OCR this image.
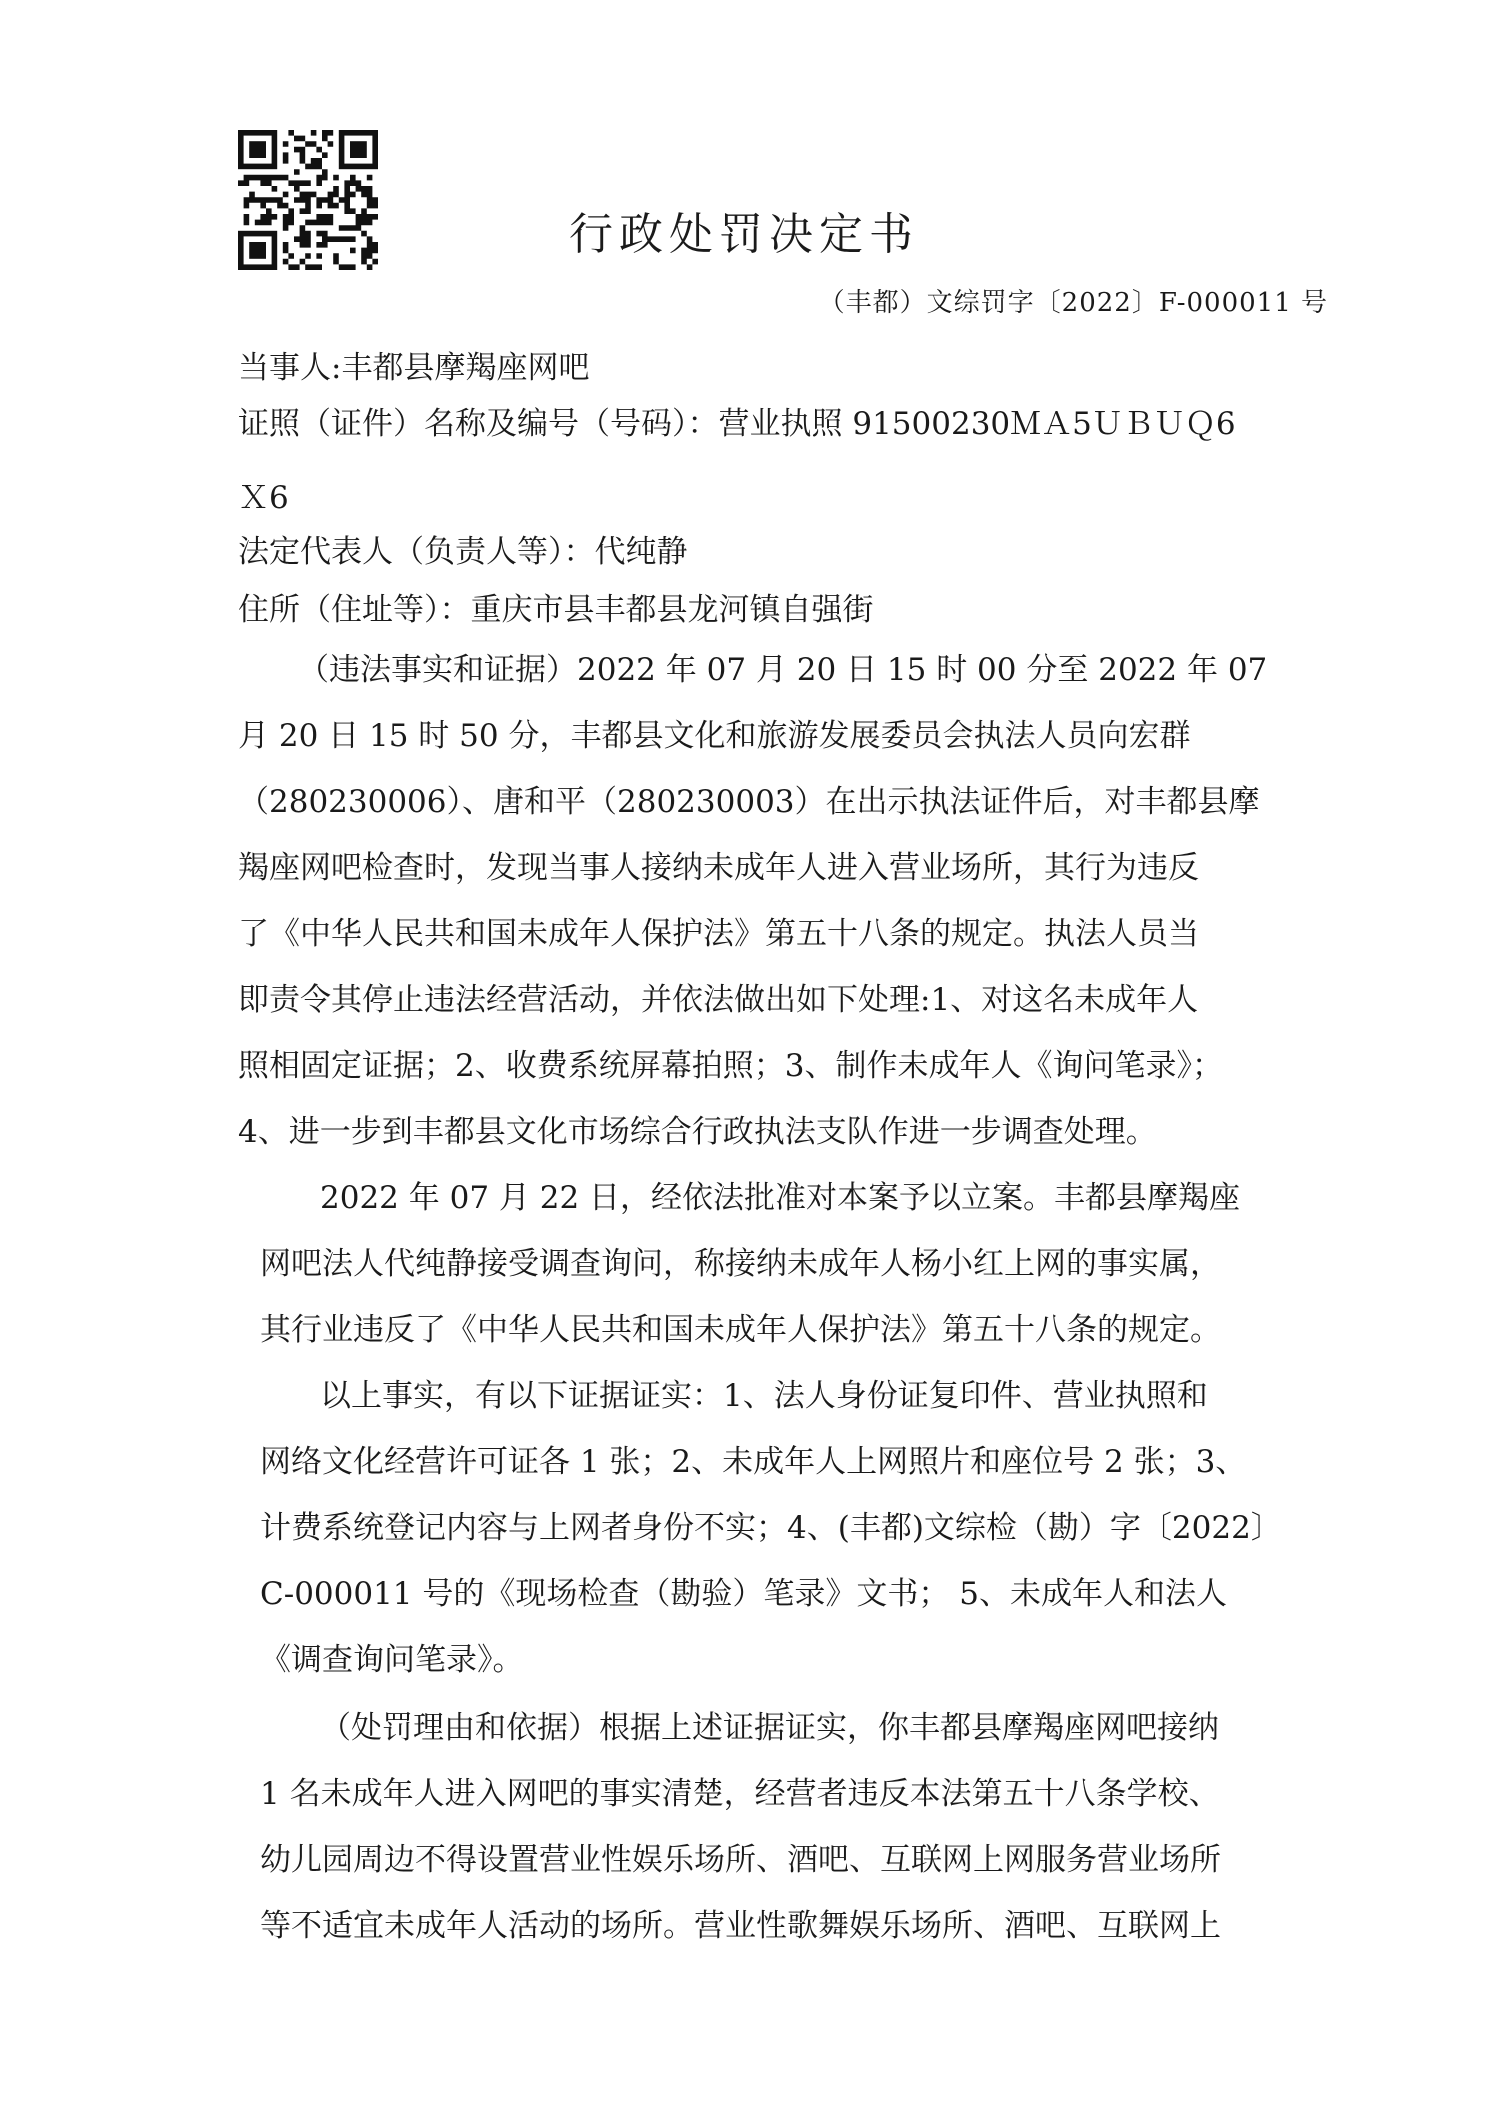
行政处罚决定书
（丰都）文综罚字〔2022〕F-000011 号
当事人:丰都县摩羯座网吧
证照（证件）名称及编号（号码）：营业执照 91500230ＭＡ5ＵＢＵＱ6
Ｘ6
法定代表人（负责人等）：代纯静
住所（住址等）：重庆市县丰都县龙河镇自强街
（违法事实和证据）2022 年 07 月 20 日 15 时 00 分至 2022 年 07
月 20 日 15 时 50 分，丰都县文化和旅游发展委员会执法人员向宏群
（280230006）、唐和平（280230003）在出示执法证件后，对丰都县摩
羯座网吧检查时，发现当事人接纳未成年人进入营业场所，其行为违反
了《中华人民共和国未成年人保护法》第五十八条的规定。执法人员当
即责令其停止违法经营活动，并依法做出如下处理:1、对这名未成年人
照相固定证据；2、收费系统屏幕拍照；3、制作未成年人《询问笔录》；
4、进一步到丰都县文化市场综合行政执法支队作进一步调查处理。
2022 年 07 月 22 日，经依法批准对本案予以立案。丰都县摩羯座
网吧法人代纯静接受调查询问，称接纳未成年人杨小红上网的事实属，
其行业违反了《中华人民共和国未成年人保护法》第五十八条的规定。
以上事实，有以下证据证实：1、法人身份证复印件、营业执照和
网络文化经营许可证各 1 张；2、未成年人上网照片和座位号 2 张；3、
计费系统登记内容与上网者身份不实；4、(丰都)文综检（勘）字〔2022〕
C-000011 号的《现场检查（勘验）笔录》文书； 5、未成年人和法人
《调查询问笔录》。
（处罚理由和依据）根据上述证据证实，你丰都县摩羯座网吧接纳
1 名未成年人进入网吧的事实清楚，经营者违反本法第五十八条学校、
幼儿园周边不得设置营业性娱乐场所、酒吧、互联网上网服务营业场所
等不适宜未成年人活动的场所。营业性歌舞娱乐场所、酒吧、互联网上
